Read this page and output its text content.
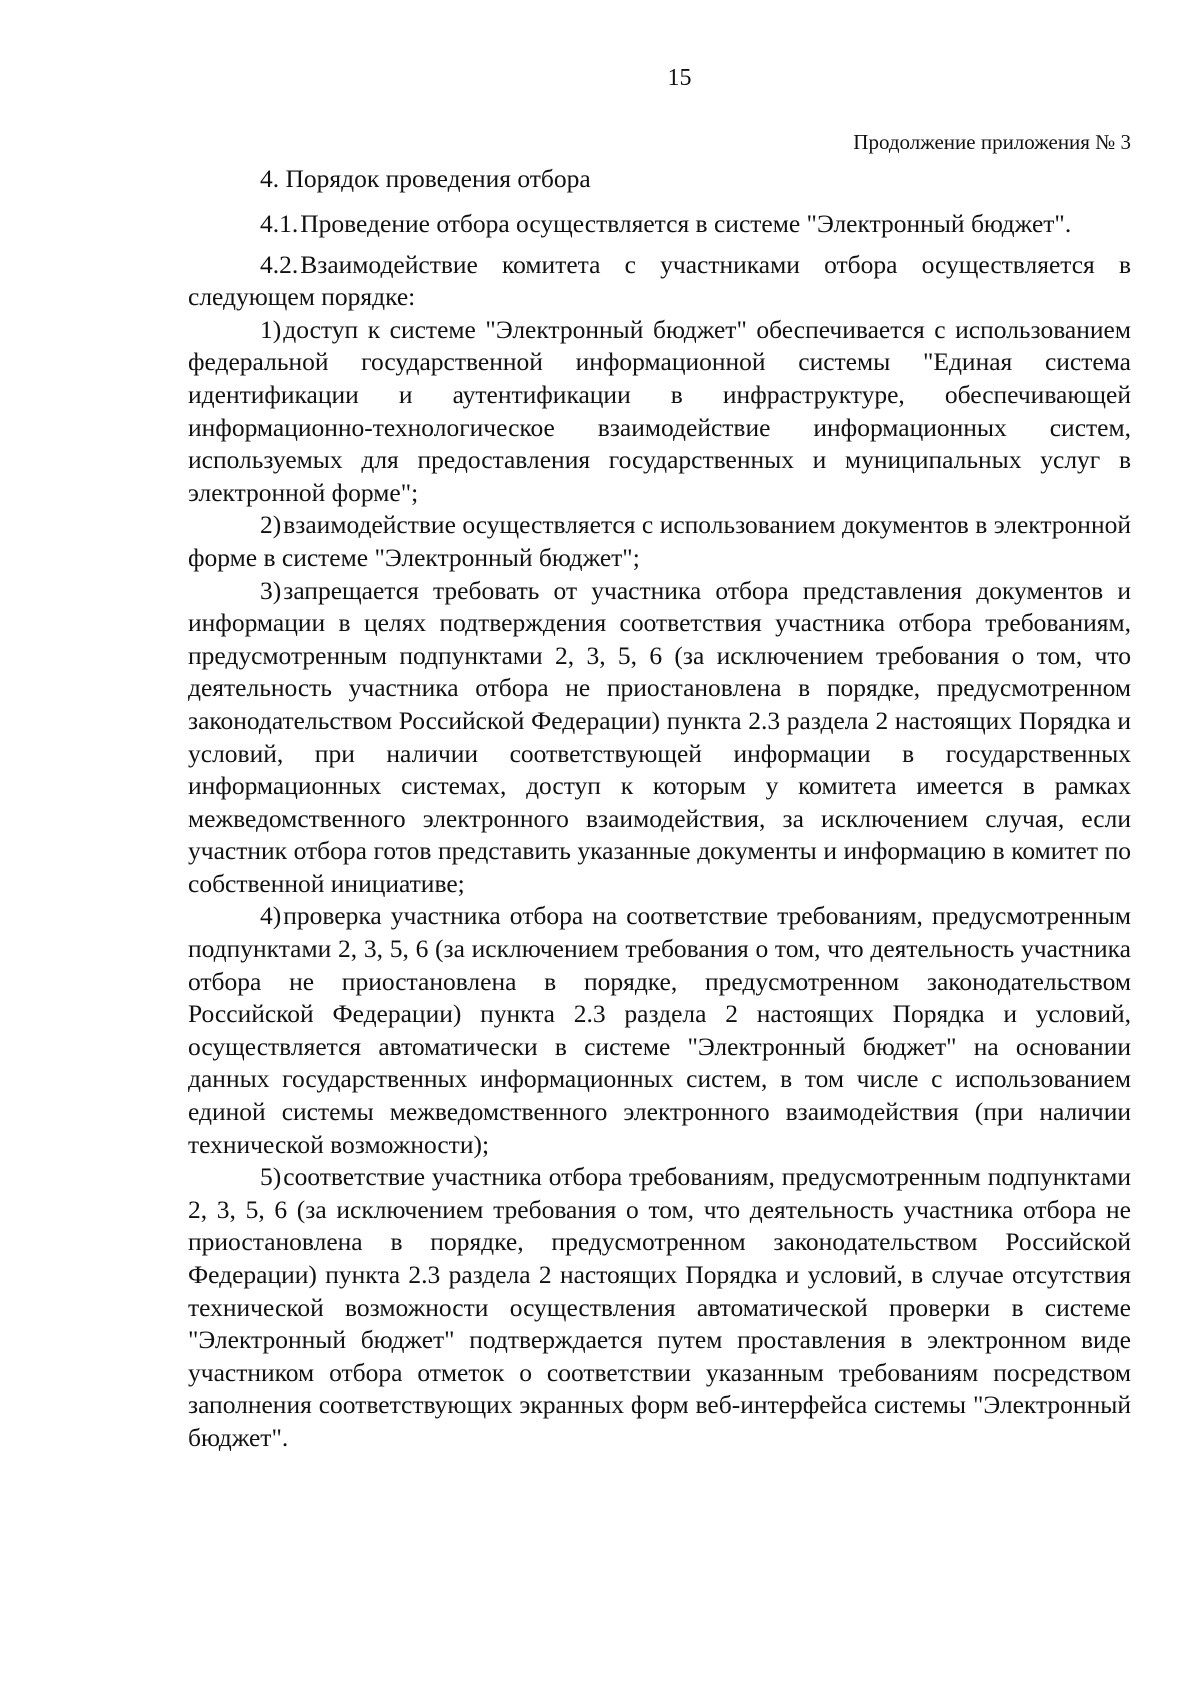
15
Продолжение приложения № 3
4. Порядок проведения отбора

4.1.Проведение отбора осуществляется в системе "Электронный бюджет".

4.2.Взаимодействие комитета с участниками отбора осуществляется в следующем порядке:

1)доступ к системе "Электронный бюджет" обеспечивается с использованием федеральной государственной информационной системы "Единая система идентификации и аутентификации в инфраструктуре, обеспечивающей информационно-технологическое взаимодействие информационных систем, используемых для предоставления государственных и муниципальных услуг в электронной форме";

2)взаимодействие осуществляется с использованием документов в электронной форме в системе "Электронный бюджет";

3)запрещается требовать от участника отбора представления документов и информации в целях подтверждения соответствия участника отбора требованиям, предусмотренным подпунктами 2, 3, 5, 6 (за исключением требования о том, что деятельность участника отбора не приостановлена в порядке, предусмотренном законодательством Российской Федерации) пункта 2.3 раздела 2 настоящих Порядка и условий, при наличии соответствующей информации в государственных информационных системах, доступ к которым у комитета имеется в рамках межведомственного электронного взаимодействия, за исключением случая, если участник отбора готов представить указанные документы и информацию в комитет по собственной инициативе;

4)проверка участника отбора на соответствие требованиям, предусмотренным подпунктами 2, 3, 5, 6 (за исключением требования о том, что деятельность участника отбора не приостановлена в порядке, предусмотренном законодательством Российской Федерации) пункта 2.3 раздела 2 настоящих Порядка и условий, осуществляется автоматически в системе "Электронный бюджет" на основании данных государственных информационных систем, в том числе с использованием единой системы межведомственного электронного взаимодействия (при наличии технической возможности);

5)соответствие участника отбора требованиям, предусмотренным подпунктами 2, 3, 5, 6 (за исключением требования о том, что деятельность участника отбора не приостановлена в порядке, предусмотренном законодательством Российской Федерации) пункта 2.3 раздела 2 настоящих Порядка и условий, в случае отсутствия технической возможности осуществления автоматической проверки в системе "Электронный бюджет" подтверждается путем проставления в электронном виде участником отбора отметок о соответствии указанным требованиям посредством заполнения соответствующих экранных форм веб-интерфейса системы "Электронный бюджет".
